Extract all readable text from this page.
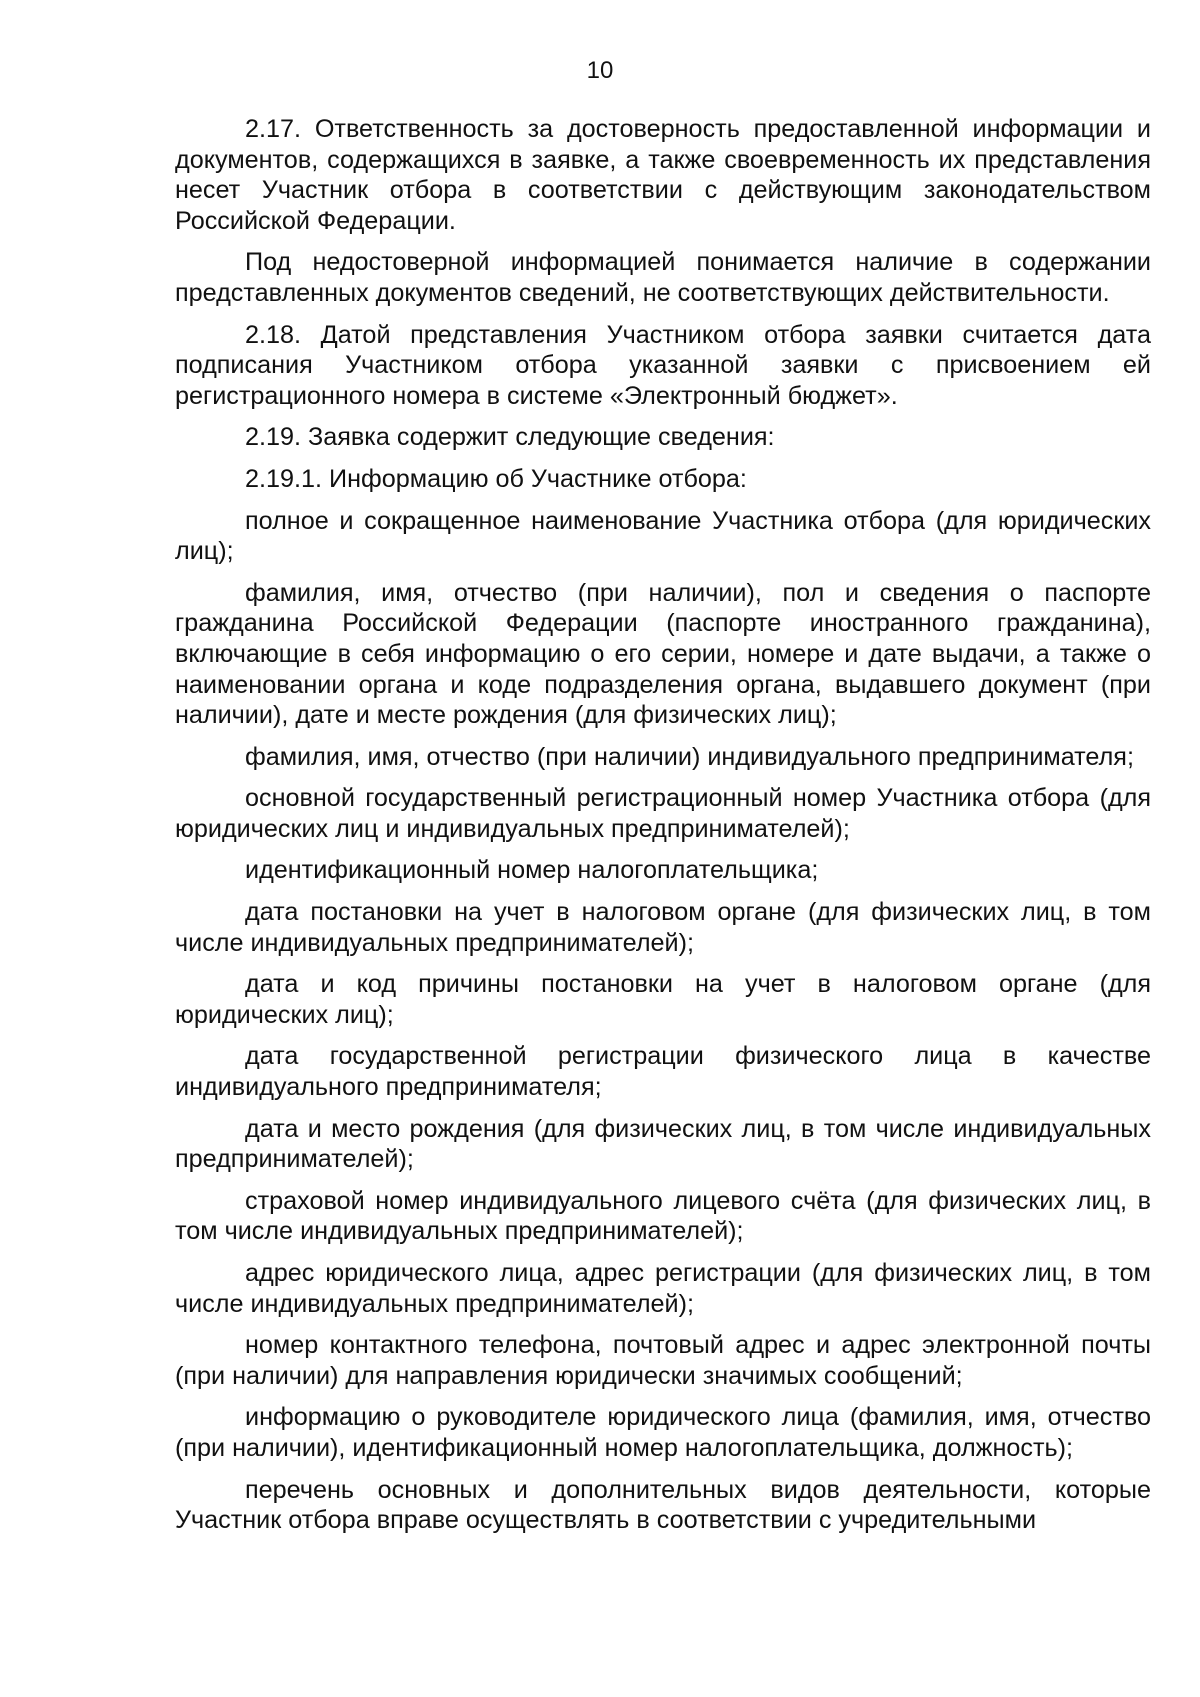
10

2.17. Ответственность за достоверность предоставленной информации и документов, содержащихся в заявке, а также своевременность их представления несет Участник отбора в соответствии с действующим законодательством Российской Федерации.

Под недостоверной информацией понимается наличие в содержании представленных документов сведений, не соответствующих действительности.

2.18. Датой представления Участником отбора заявки считается дата подписания Участником отбора указанной заявки с присвоением ей регистрационного номера в системе «Электронный бюджет».

2.19. Заявка содержит следующие сведения:

2.19.1. Информацию об Участнике отбора:

полное и сокращенное наименование Участника отбора (для юридических лиц);

фамилия, имя, отчество (при наличии), пол и сведения о паспорте гражданина Российской Федерации (паспорте иностранного гражданина), включающие в себя информацию о его серии, номере и дате выдачи, а также о наименовании органа и коде подразделения органа, выдавшего документ (при наличии), дате и месте рождения (для физических лиц);

фамилия, имя, отчество (при наличии) индивидуального предпринимателя;

основной государственный регистрационный номер Участника отбора (для юридических лиц и индивидуальных предпринимателей);

идентификационный номер налогоплательщика;

дата постановки на учет в налоговом органе (для физических лиц, в том числе индивидуальных предпринимателей);

дата и код причины постановки на учет в налоговом органе (для юридических лиц);

дата государственной регистрации физического лица в качестве индивидуального предпринимателя;

дата и место рождения (для физических лиц, в том числе индивидуальных предпринимателей);

страховой номер индивидуального лицевого счёта (для физических лиц, в том числе индивидуальных предпринимателей);

адрес юридического лица, адрес регистрации (для физических лиц, в том числе индивидуальных предпринимателей);

номер контактного телефона, почтовый адрес и адрес электронной почты (при наличии) для направления юридически значимых сообщений;

информацию о руководителе юридического лица (фамилия, имя, отчество (при наличии), идентификационный номер налогоплательщика, должность);

перечень основных и дополнительных видов деятельности, которые Участник отбора вправе осуществлять в соответствии с учредительными
